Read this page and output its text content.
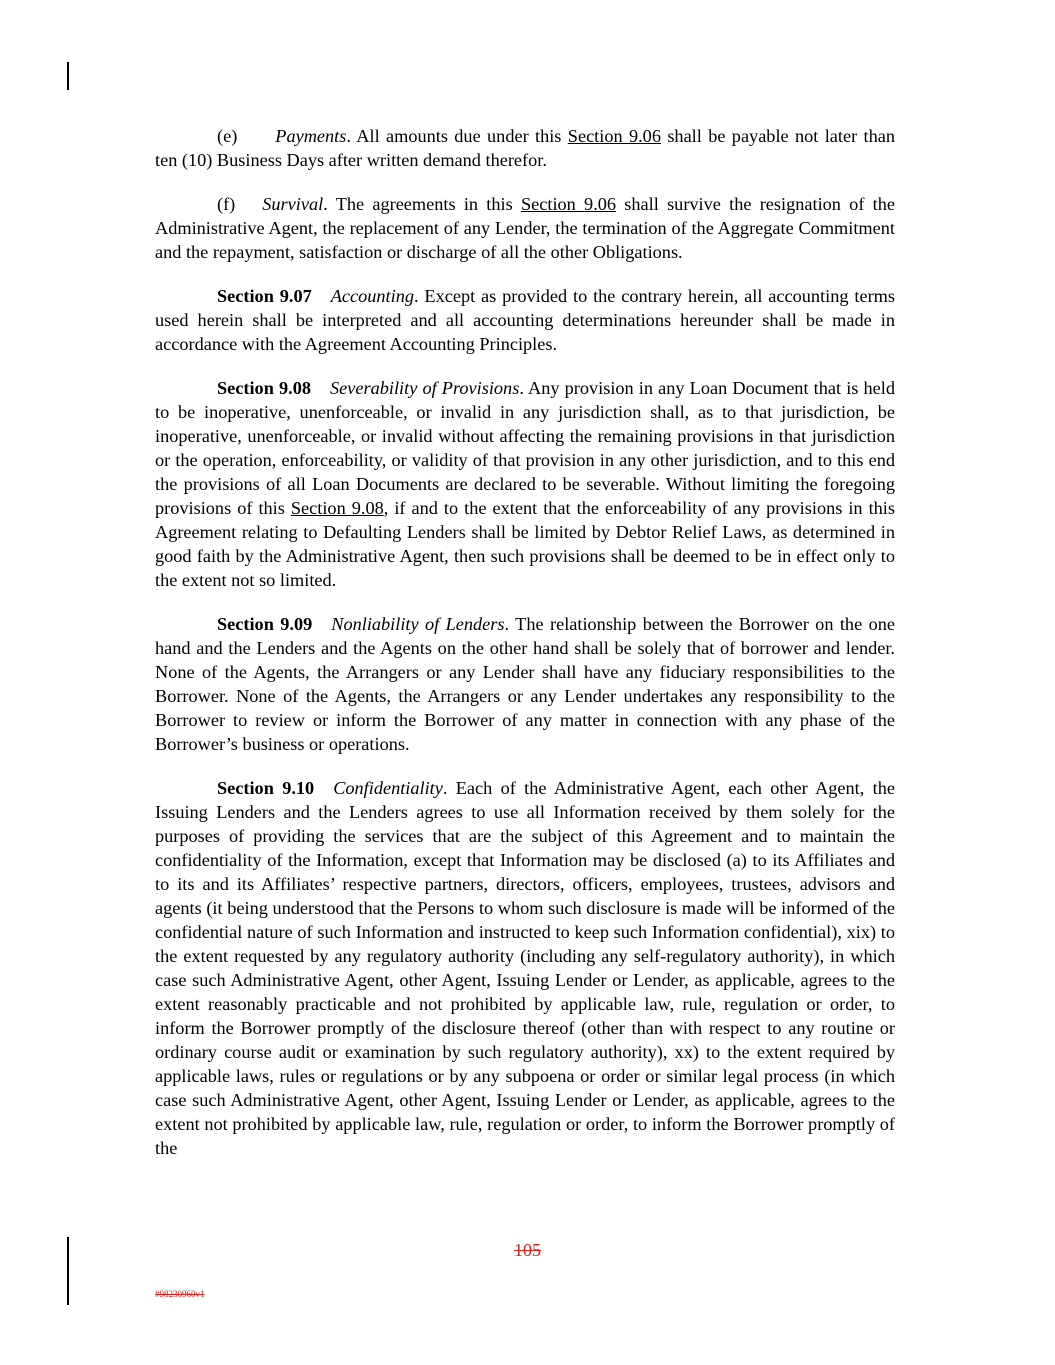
(e) Payments. All amounts due under this Section 9.06 shall be payable not later than ten (10) Business Days after written demand therefor.

(f) Survival. The agreements in this Section 9.06 shall survive the resignation of the Administrative Agent, the replacement of any Lender, the termination of the Aggregate Commitment and the repayment, satisfaction or discharge of all the other Obligations.

Section 9.07 Accounting. Except as provided to the contrary herein, all accounting terms used herein shall be interpreted and all accounting determinations hereunder shall be made in accordance with the Agreement Accounting Principles.

Section 9.08 Severability of Provisions. Any provision in any Loan Document that is held to be inoperative, unenforceable, or invalid in any jurisdiction shall, as to that jurisdiction, be inoperative, unenforceable, or invalid without affecting the remaining provisions in that jurisdiction or the operation, enforceability, or validity of that provision in any other jurisdiction, and to this end the provisions of all Loan Documents are declared to be severable. Without limiting the foregoing provisions of this Section 9.08, if and to the extent that the enforceability of any provisions in this Agreement relating to Defaulting Lenders shall be limited by Debtor Relief Laws, as determined in good faith by the Administrative Agent, then such provisions shall be deemed to be in effect only to the extent not so limited.

Section 9.09 Nonliability of Lenders. The relationship between the Borrower on the one hand and the Lenders and the Agents on the other hand shall be solely that of borrower and lender. None of the Agents, the Arrangers or any Lender shall have any fiduciary responsibilities to the Borrower. None of the Agents, the Arrangers or any Lender undertakes any responsibility to the Borrower to review or inform the Borrower of any matter in connection with any phase of the Borrower’s business or operations.

Section 9.10 Confidentiality. Each of the Administrative Agent, each other Agent, the Issuing Lenders and the Lenders agrees to use all Information received by them solely for the purposes of providing the services that are the subject of this Agreement and to maintain the confidentiality of the Information, except that Information may be disclosed (a) to its Affiliates and to its and its Affiliates’ respective partners, directors, officers, employees, trustees, advisors and agents (it being understood that the Persons to whom such disclosure is made will be informed of the confidential nature of such Information and instructed to keep such Information confidential), xix) to the extent requested by any regulatory authority (including any self-regulatory authority), in which case such Administrative Agent, other Agent, Issuing Lender or Lender, as applicable, agrees to the extent reasonably practicable and not prohibited by applicable law, rule, regulation or order, to inform the Borrower promptly of the disclosure thereof (other than with respect to any routine or ordinary course audit or examination by such regulatory authority), xx) to the extent required by applicable laws, rules or regulations or by any subpoena or order or similar legal process (in which case such Administrative Agent, other Agent, Issuing Lender or Lender, as applicable, agrees to the extent not prohibited by applicable law, rule, regulation or order, to inform the Borrower promptly of the

105
#98230960v1
